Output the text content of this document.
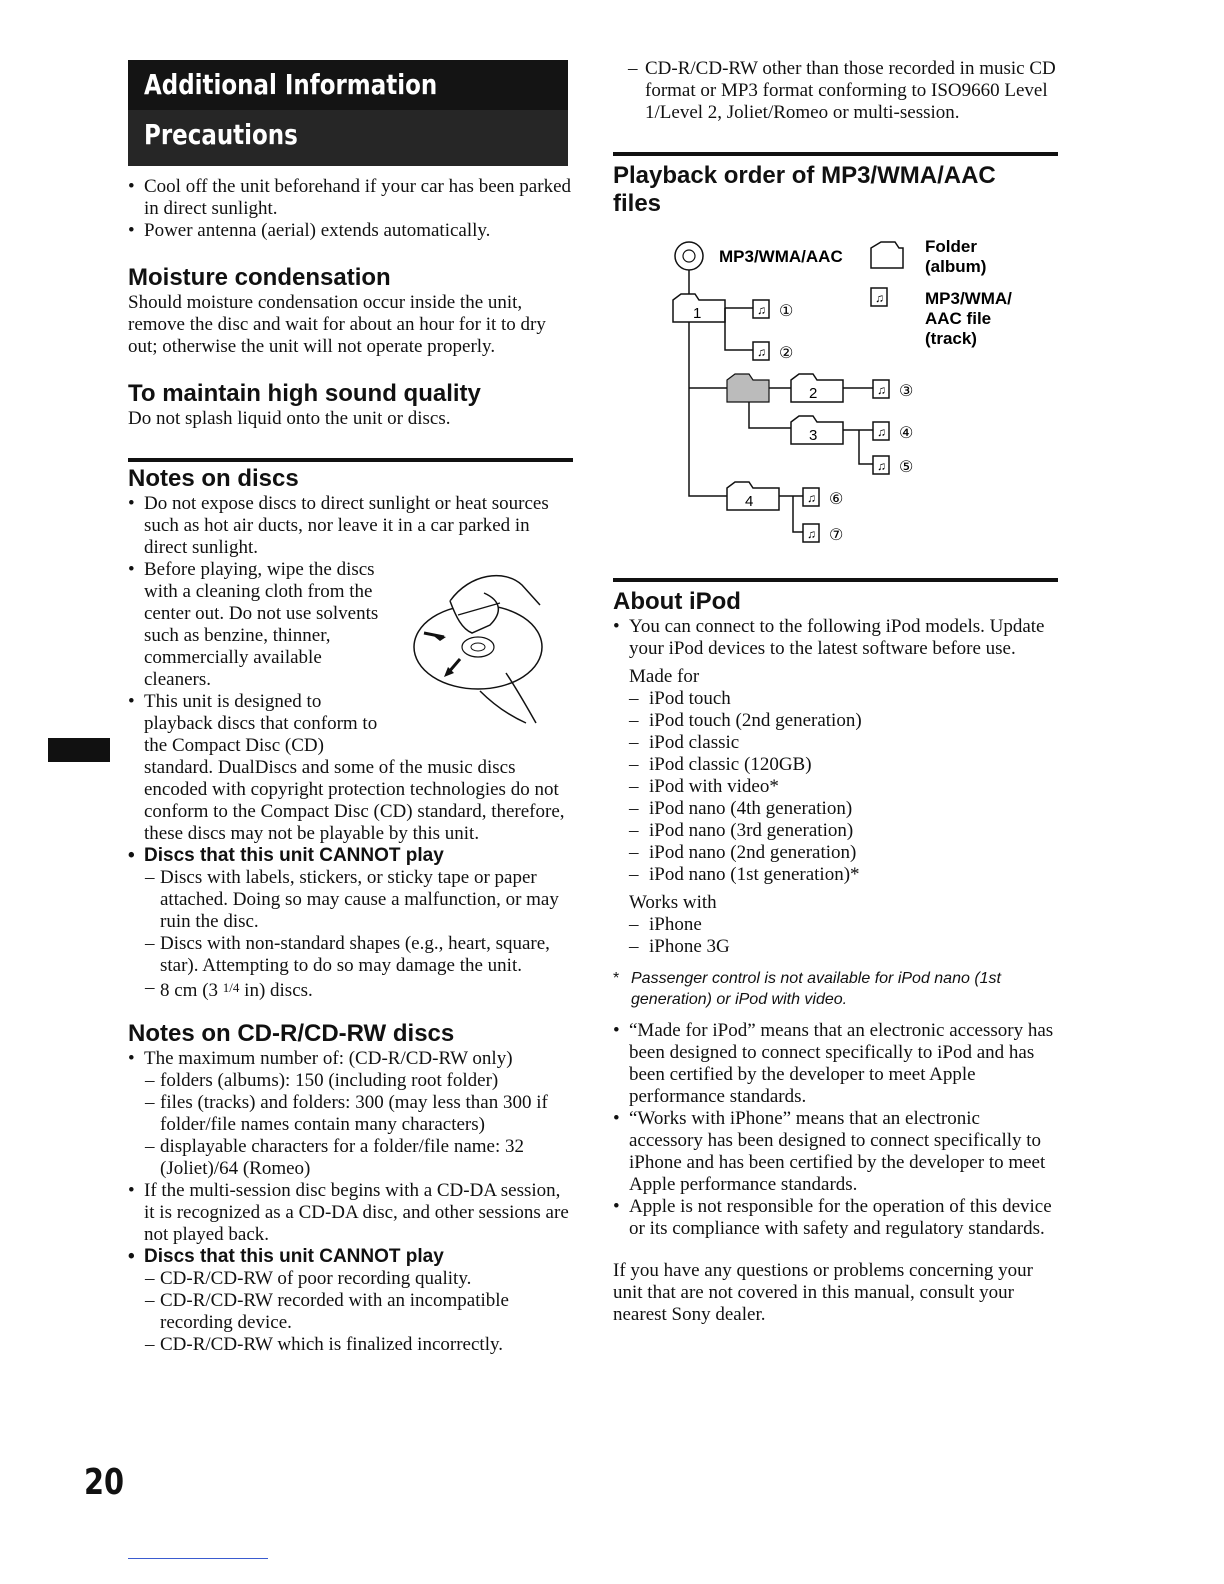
Additional Information
Precautions
• Cool off the unit beforehand if your car has been parked in direct sunlight.
• Power antenna (aerial) extends automatically.
Moisture condensation

Should moisture condensation occur inside the unit, remove the disc and wait for about an hour for it to dry out; otherwise the unit will not operate properly.

To maintain high sound quality

Do not splash liquid onto the unit or discs.

Notes on discs
• Do not expose discs to direct sunlight or heat sources such as hot air ducts, nor leave it in a car parked in direct sunlight.
• Before playing, wipe the discs
with a cleaning cloth from the
center out. Do not use solvents
such as benzine, thinner,
commercially available
cleaners.
• This unit is designed to
playback discs that conform to
the Compact Disc (CD)
standard. DualDiscs and some of the music discs encoded with copyright protection technologies do not conform to the Compact Disc (CD) standard, therefore, these discs may not be playable by this unit.
• Discs that this unit CANNOT play
– Discs with labels, stickers, or sticky tape or paper attached. Doing so may cause a malfunction, or may ruin the disc.
– Discs with non-standard shapes (e.g., heart, square, star). Attempting to do so may damage the unit.
– 8 cm (3 $^{1/4}$ in) discs.
Notes on CD-R/CD-RW discs
• The maximum number of: (CD-R/CD-RW only)
– folders (albums): 150 (including root folder)
– files (tracks) and folders: 300 (may less than 300 if folder/file names contain many characters)
– displayable characters for a folder/file name: 32 (Joliet)/64 (Romeo)
• If the multi-session disc begins with a CD-DA session, it is recognized as a CD-DA disc, and other sessions are not played back.
• Discs that this unit CANNOT play
– CD-R/CD-RW of poor recording quality.
– CD-R/CD-RW recorded with an incompatible recording device.
– CD-R/CD-RW which is finalized incorrectly.
– CD-R/CD-RW other than those recorded in music CD format or MP3 format conforming to ISO9660 Level 1/Level 2, Joliet/Romeo or multi-session.
Playback order of MP3/WMA/AAC files
MP3/WMA/AAC
Folder
(album)
♫ MP3/WMA/
AAC file
(track)
1	♫ ①
♫ ②
2	♫ ③
3	♫ ④
♫ ⑤
4	♫ ⑥
♫ ⑦
About iPod
• You can connect to the following iPod models. Update your iPod devices to the latest software before use.
Made for
– iPod touch
– iPod touch (2nd generation)
– iPod classic
– iPod classic (120GB)
– iPod with video*
– iPod nano (4th generation)
– iPod nano (3rd generation)
– iPod nano (2nd generation)
– iPod nano (1st generation)*
Works with
– iPhone
– iPhone 3G
* Passenger control is not available for iPod nano (1st generation) or iPod with video.
• “Made for iPod” means that an electronic accessory has been designed to connect specifically to iPod and has been certified by the developer to meet Apple performance standards.
• “Works with iPhone” means that an electronic accessory has been designed to connect specifically to iPhone and has been certified by the developer to meet Apple performance standards.
• Apple is not responsible for the operation of this device or its compliance with safety and regulatory standards.

If you have any questions or problems concerning your unit that are not covered in this manual, consult your nearest Sony dealer.

20
